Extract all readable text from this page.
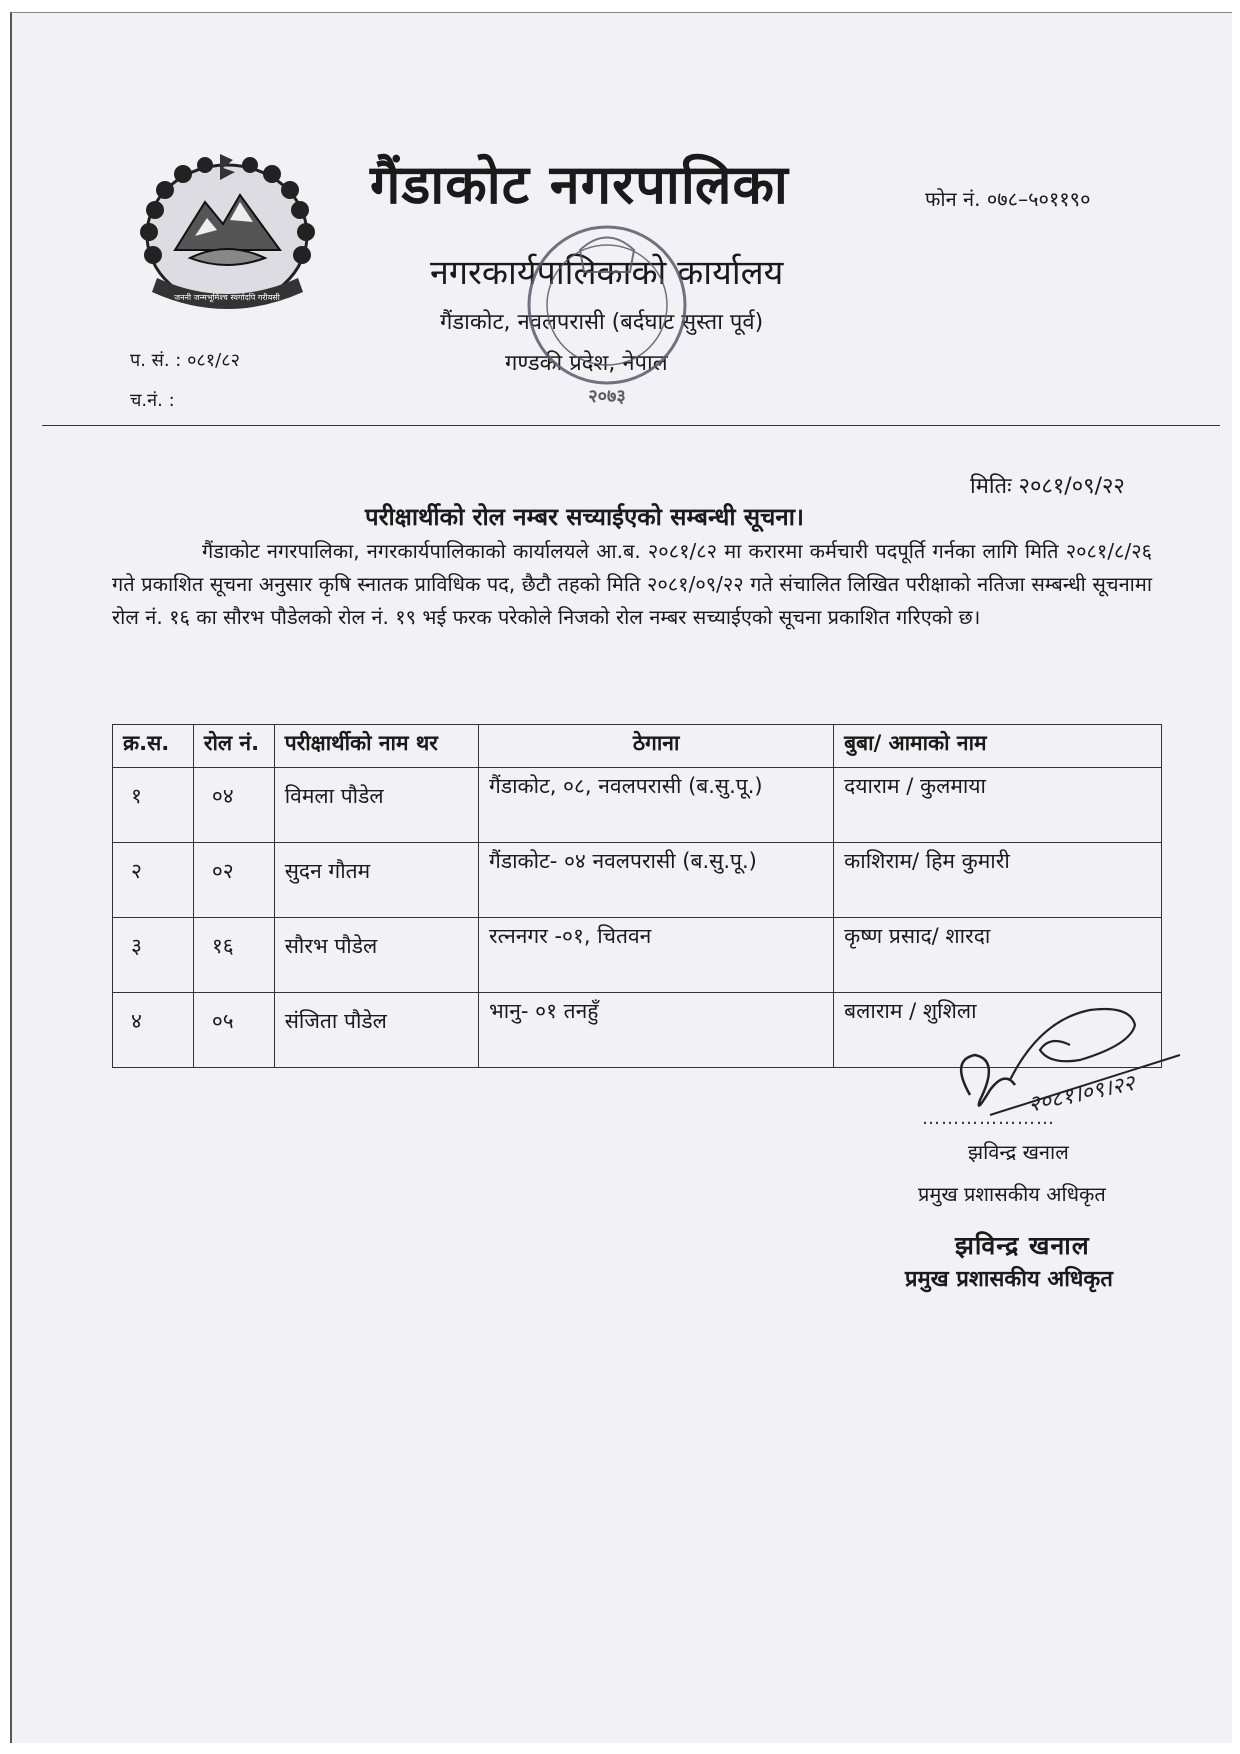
जननी जन्मभूमिश्च स्वर्गादपि गरीयसी
गैंडाकोट नगरपालिका	फोन नं. ०७८–५०११९०
नगरकार्यपालिकाको कार्यालय
गैंडाकोट, नवलपरासी (बर्दघाट सुस्ता पूर्व)
गण्डकी प्रदेश, नेपाल
२०७३
प. सं. : ०८१/८२
च.नं. :
मितिः २०८१/०९/२२
परीक्षार्थीको रोल नम्बर सच्याईएको सम्बन्धी सूचना।
गैंडाकोट नगरपालिका, नगरकार्यपालिकाको कार्यालयले आ.ब. २०८१/८२ मा करारमा कर्मचारी पदपूर्ति गर्नका लागि मिति २०८१/८/२६ गते प्रकाशित सूचना अनुसार कृषि स्नातक प्राविधिक पद, छैटौ तहको मिति २०८१/०९/२२ गते संचालित लिखित परीक्षाको नतिजा सम्बन्धी सूचनामा रोल नं. १६ का सौरभ पौडेलको रोल नं. १९ भई फरक परेकोले निजको रोल नम्बर सच्याईएको सूचना प्रकाशित गरिएको छ।
क्र.स.	रोल नं.	परीक्षार्थीको नाम थर	ठेगाना	बुबा/ आमाको नाम
१	०४	विमला पौडेल	गैंडाकोट, ०८, नवलपरासी (ब.सु.पू.)	दयाराम / कुलमाया
२	०२	सुदन गौतम	गैंडाकोट- ०४ नवलपरासी (ब.सु.पू.)	काशिराम/ हिम कुमारी
३	१६	सौरभ पौडेल	रत्ननगर -०१, चितवन	कृष्ण प्रसाद/ शारदा
४	०५	संजिता पौडेल	भानु- ०१ तनहुँ	बलाराम / शुशिला
२०८१।०९।२२
…………………
झविन्द्र खनाल
प्रमुख प्रशासकीय अधिकृत
झविन्द्र खनाल
प्रमुख प्रशासकीय अधिकृत
